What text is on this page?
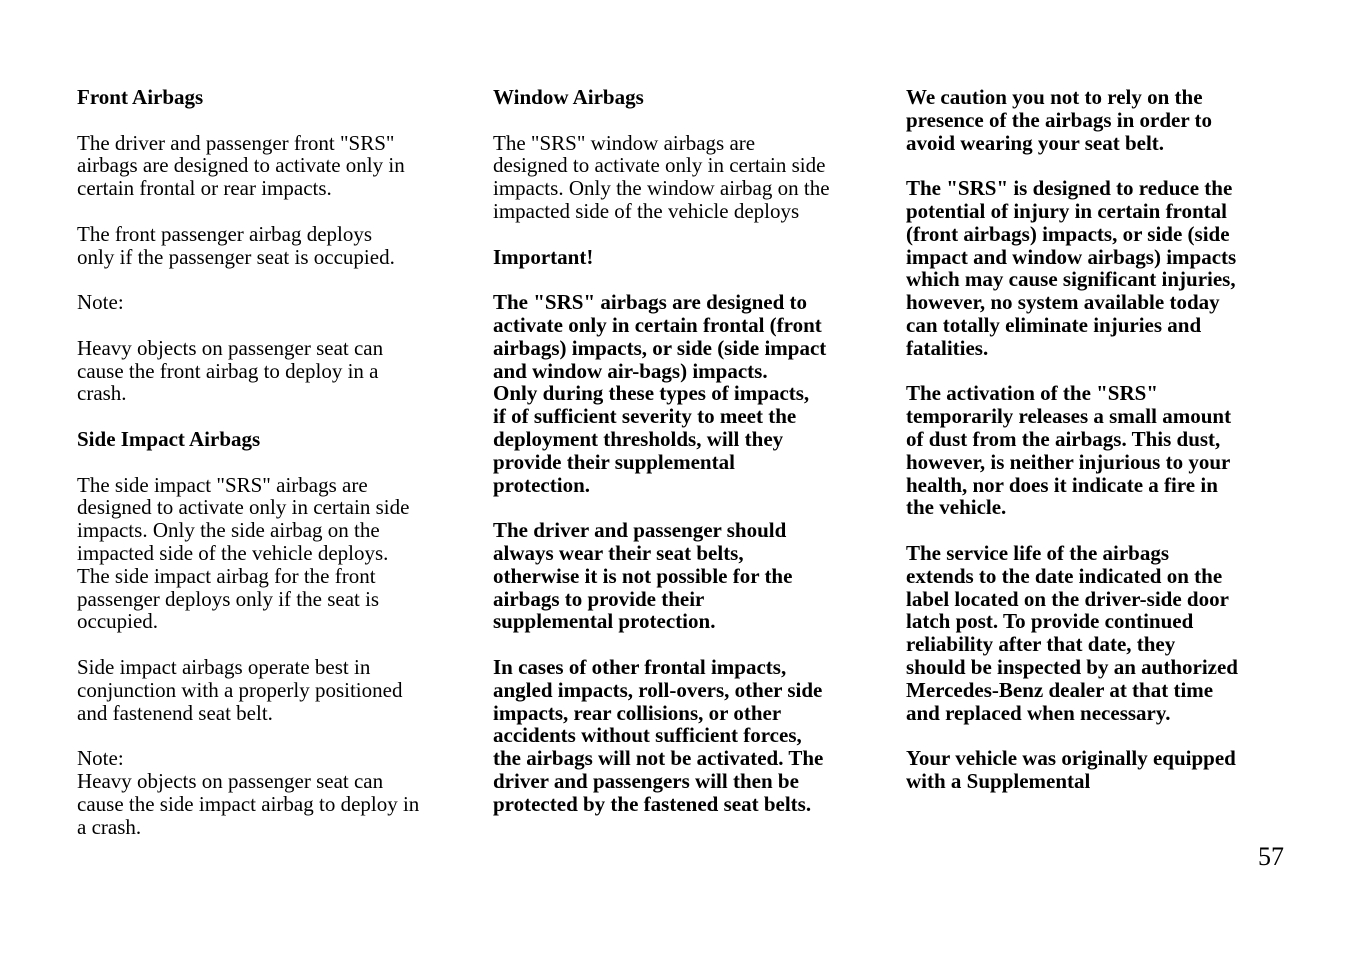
Front Airbags

The driver and passenger front "SRS"
airbags are designed to activate only in
certain frontal or rear impacts.

The front passenger airbag deploys
only if the passenger seat is occupied.

Note:

Heavy objects on passenger seat can
cause the front airbag to deploy in a
crash.

Side Impact Airbags

The side impact "SRS" airbags are
designed to activate only in certain side
impacts. Only the side airbag on the
impacted side of the vehicle deploys.
The side impact airbag for the front
passenger deploys only if the seat is
occupied.

Side impact airbags operate best in
conjunction with a properly positioned
and fastenend seat belt.

Note:
Heavy objects on passenger seat can
cause the side impact airbag to deploy in
a crash.

Window Airbags

The "SRS" window airbags are
designed to activate only in certain side
impacts. Only the window airbag on the
impacted side of the vehicle deploys

Important!

The "SRS" airbags are designed to
activate only in certain frontal (front
airbags) impacts, or side (side impact
and window air-bags) impacts.
Only during these types of impacts,
if of sufficient severity to meet the
deployment thresholds, will they
provide their supplemental
protection.

The driver and passenger should
always wear their seat belts,
otherwise it is not possible for the
airbags to provide their
supplemental protection.

In cases of other frontal impacts,
angled impacts, roll-overs, other side
impacts, rear collisions, or other
accidents without sufficient forces,
the airbags will not be activated. The
driver and passengers will then be
protected by the fastened seat belts.

We caution you not to rely on the
presence of the airbags in order to
avoid wearing your seat belt.

The "SRS" is designed to reduce the
potential of injury in certain frontal
(front airbags) impacts, or side (side
impact and window airbags) impacts
which may cause significant injuries,
however, no system available today
can totally eliminate injuries and
fatalities.

The activation of the "SRS"
temporarily releases a small amount
of dust from the airbags. This dust,
however, is neither injurious to your
health, nor does it indicate a fire in
the vehicle.

The service life of the airbags
extends to the date indicated on the
label located on the driver-side door
latch post. To provide continued
reliability after that date, they
should be inspected by an authorized
Mercedes-Benz dealer at that time
and replaced when necessary.

Your vehicle was originally equipped
with a Supplemental

57
